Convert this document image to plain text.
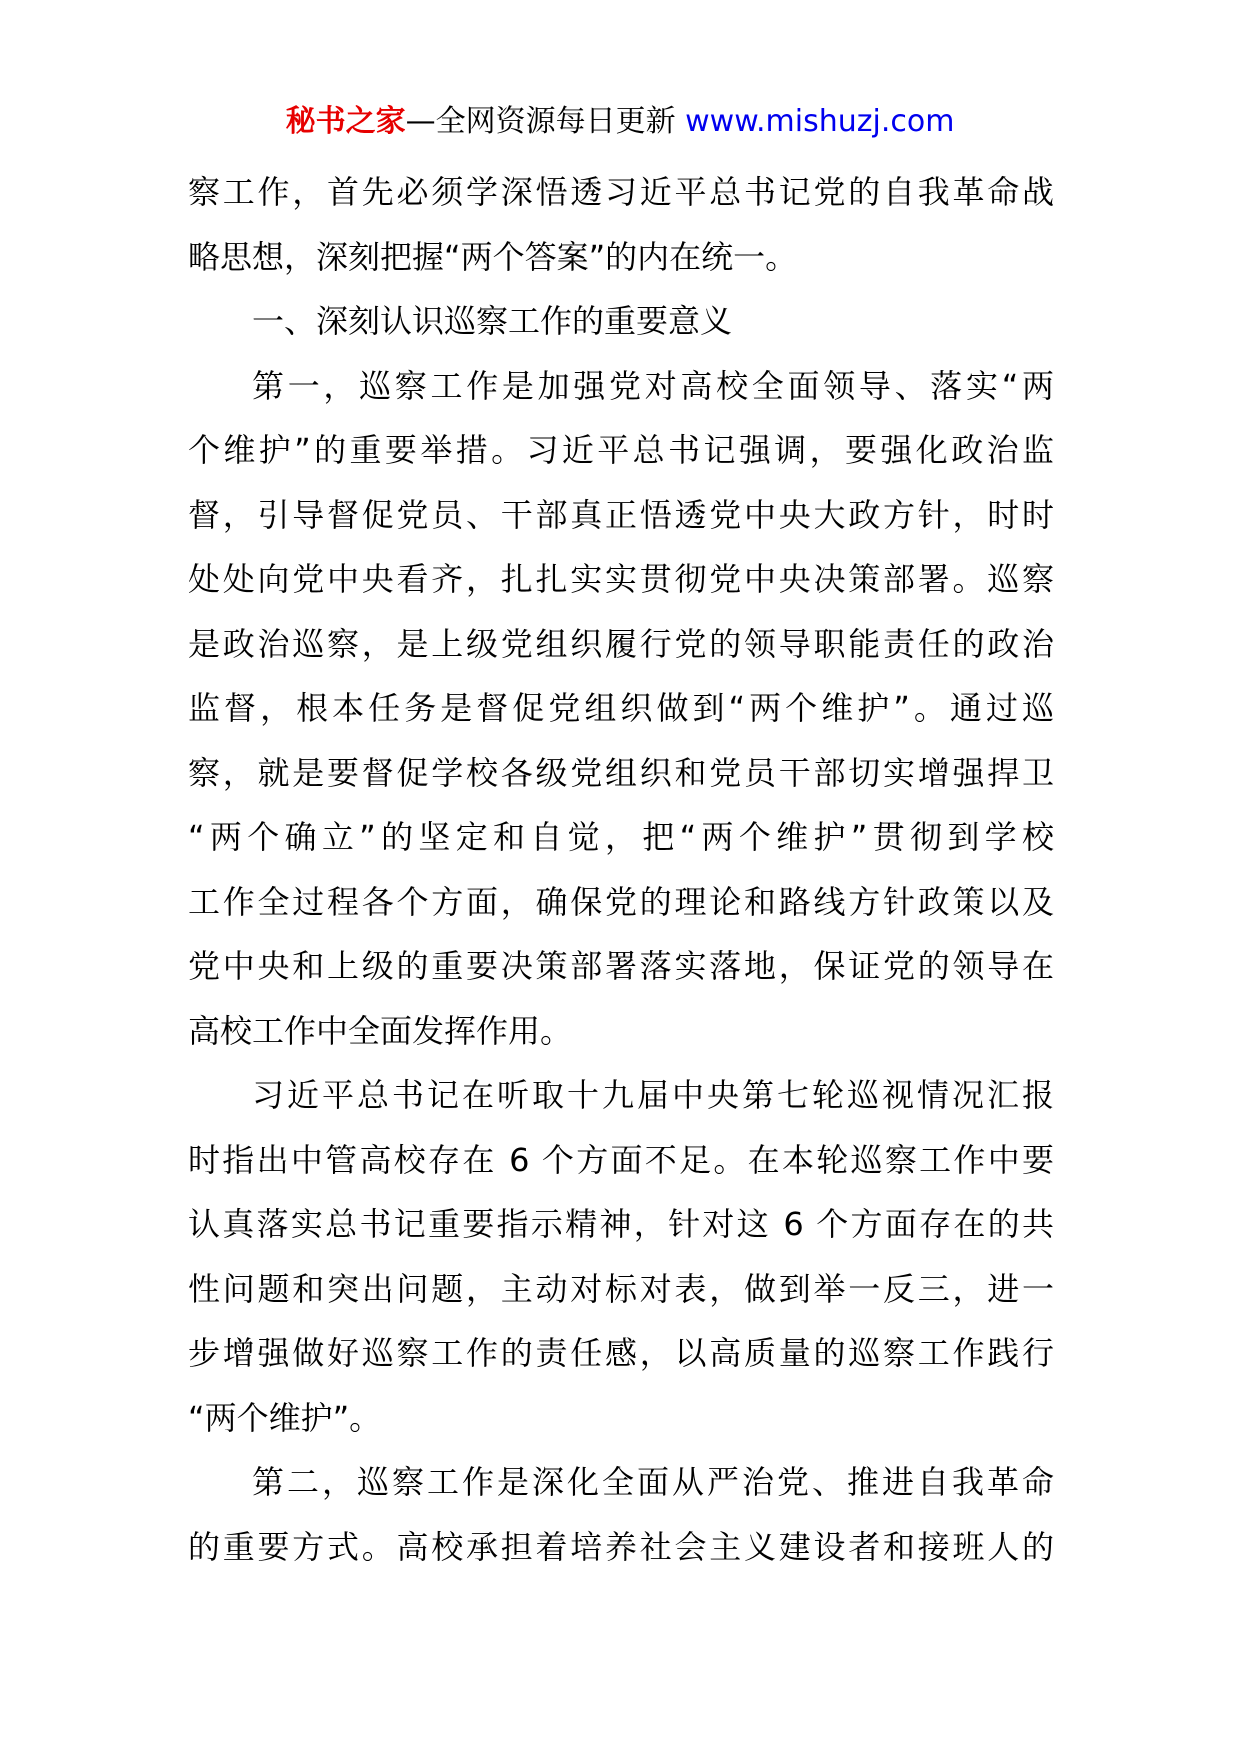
秘书之家—全网资源每日更新 www.mishuzj.com
察工作，首先必须学深悟透习近平总书记党的自我革命战
略思想，深刻把握“两个答案”的内在统一。
一、深刻认识巡察工作的重要意义
第一，巡察工作是加强党对高校全面领导、落实“两
个维护”的重要举措。习近平总书记强调，要强化政治监
督，引导督促党员、干部真正悟透党中央大政方针，时时
处处向党中央看齐，扎扎实实贯彻党中央决策部署。巡察
是政治巡察，是上级党组织履行党的领导职能责任的政治
监督，根本任务是督促党组织做到“两个维护”。通过巡
察，就是要督促学校各级党组织和党员干部切实增强捍卫
“两个确立”的坚定和自觉，把“两个维护”贯彻到学校
工作全过程各个方面，确保党的理论和路线方针政策以及
党中央和上级的重要决策部署落实落地，保证党的领导在
高校工作中全面发挥作用。
习近平总书记在听取十九届中央第七轮巡视情况汇报
时指出中管高校存在 6 个方面不足。在本轮巡察工作中要
认真落实总书记重要指示精神，针对这 6 个方面存在的共
性问题和突出问题，主动对标对表，做到举一反三，进一
步增强做好巡察工作的责任感，以高质量的巡察工作践行
“两个维护”。
第二，巡察工作是深化全面从严治党、推进自我革命
的重要方式。高校承担着培养社会主义建设者和接班人的
